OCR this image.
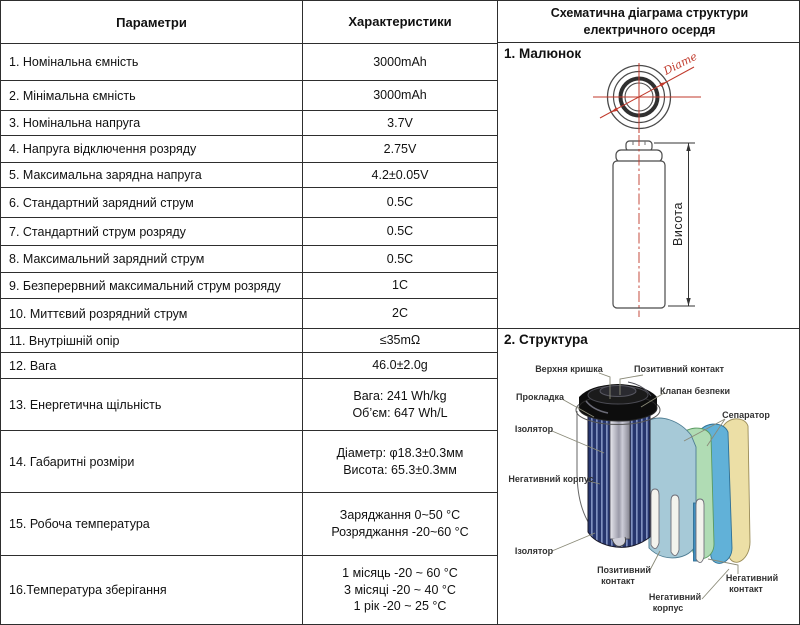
Параметри	Характеристики
1. Номінальна ємність	3000mAh
2. Мінімальна ємність	3000mAh
3. Номінальна напруга	3.7V
4. Напруга відключення розряду	2.75V
5. Максимальна зарядна напруга	4.2±0.05V
6. Стандартний зарядний струм	0.5C
7. Стандартний струм розряду	0.5C
8. Максимальний зарядний струм	0.5C
9. Безперервний максимальний струм розряду	1C
10. Миттєвий розрядний струм	2C
11. Внутрішній опір	≤35mΩ
12. Вага	46.0±2.0g
13. Енергетична щільність
Вага: 241 Wh/kg
Об’єм: 647 Wh/L
14. Габаритні розміри
Діаметр: φ18.3±0.3мм
Висота: 65.3±0.3мм
15. Робоча температура
Заряджання 0~50 °C
Розряджання -20~60 °C
16.Температура зберігання
1 місяць -20 ~ 60 °C
3 місяці -20 ~ 40 °C
1 рік -20 ~ 25 °C
Схематична діаграма структури
електричного осердя
1. Малюнок	Diame
Висота
2. Структура
Верхня кришка	Позитивний контакт
Клапан безпеки
Прокладка
Сепаратор
Ізолятор
Негативний корпус
Ізолятор
Позитивний
контакт
Негативний
корпус
Негативний
контакт
